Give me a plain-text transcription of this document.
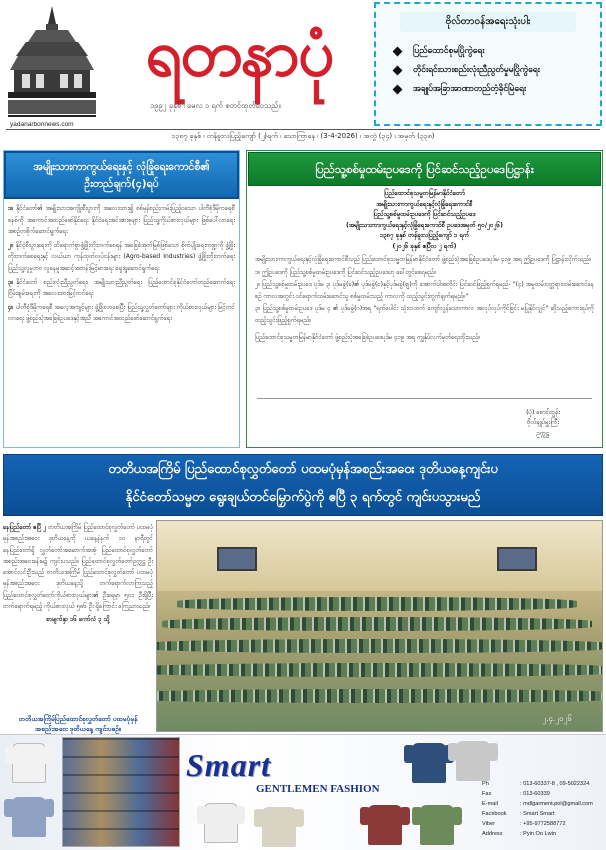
yadanarbonnews.com
ရတနာပုံ
၁၉၉၂ ခုနှစ် ၊ မေလ ၁ ရက် စတင်ထုတ်ဝေသည်။
၁၃၈၇ ခုနှစ် ၊ တန်ခူးလပြည့်ကျော် (၂)ရက် ၊ သောကြာနေ ၊ (3-4-2026) ၊ အတွဲ (၃၄) ၊ အမှတ် (၃၃၈)
ဗိုလ်တာဝန်အရေးသုံးပါး
ပြည်ထောင်စုမပြိုကွဲရေး
တိုင်းရင်းသားစည်းလုံးညီညွတ်မှုမပြိုကွဲရေး
အချုပ်အခြာအာဏာတည်တံ့ခိုင်မြဲရေး
အမျိုးသားကာကွယ်ရေးနှင့် လုံခြုံရေးကောင်စီ၏
ဦးတည်ချက်(၄)ရပ်

၁။ နိုင်ငံတော်၏ အမျိုးသားအကျိုးစီးပွားကို အလေးထား၍ စစ်မှန်စည်းကမ်းပြည့်ဝသော ပါတီစုံဒီမိုကရေစီစနစ်ကို အကောင်အထည်ဖော်နိုင်ရေး နိုင်ငံရေးအင်အားစုများ ပြည်သူ့ကိုယ်စားလှယ်များ ဖြစ်ပေါ်လာရေး အစဉ်တစိုက်ဆောင်ရွက်ရေး

၂။ နိုင်ငံ့စီးပွားရေးကို ထိရောက်စွာဖွံ့ဖြိုးတိုးတက်စေရန် အခြေခံအုတ်မြစ်ဖြစ်သော စိုက်ပျိုးရေးကဏ္ဍကို ဖွံ့ဖြိုးတိုးတက်စေရေးနှင့် လယ်ယာ ကုန်ထုတ်လုပ်ငန်းများ (Agro-based Industries) ဖွံ့ဖြိုးတိုးတက်ရေး ပြည်သူ့လူမှုဘဝ လူနေမှုအဆင့်အတန်းမြင့်မားရေး ရှေးရှုဆောင်ရွက်ရေး

၃။ နိုင်ငံတော် စည်းလုံးညီညွတ်ရေး၊ အမျိုးသားညီညွတ်ရေး ပြည်ထောင်စုနိုင်ငံတော်တည်ဆောက်ရေး ငြိမ်းချမ်းရေးကို အလေးထားမြင့်တင်ရေး

၄။ ပါတီစုံဒီမိုကရေစီ အလေ့အကျင့်များ ဖွံ့ဖြိုးလာစေပြီး ပြည်သူ့လွှတ်တော်များ ကိုယ်စားလှယ်များ မြင့်တင်လာရေး ဖွဲ့စည်းပုံအခြေခံဥပဒေနှင့်အညီ အကောင်အထည်ဖော်ဆောင်ရွက်ရေး

ပြည်သူ့စစ်မှုထမ်းဥပဒေကို ပြင်ဆင်သည့်ဥပဒေပြဋ္ဌာန်း
ပြည်ထောင်စုသမ္မတမြန်မာနိုင်ငံတော်
အမျိုးသားကာကွယ်ရေးနှင့်လုံခြုံရေးကောင်စီ
ပြည်သူ့စစ်မှုထမ်းဥပဒေကို ပြင်ဆင်သည့်ဥပဒေ
(အမျိုးသားကာကွယ်ရေးနှင့်လုံခြုံရေးကောင်စီ ဥပဒေအမှတ် ၅၀/၂၀၂၆)
၁၃၈၇ ခုနှစ် တန်ခူးလပြည့်ကျော် ၁ ရက်
(၂၀၂၆ ခုနှစ် ဧပြီလ ၂ ရက်)

အမျိုးသားကာကွယ်ရေးနှင့်လုံခြုံရေးကောင်စီသည် ပြည်ထောင်စုသမ္မတမြန်မာနိုင်ငံတော် ဖွဲ့စည်းပုံအခြေခံဥပဒေပုဒ်မ ၄၁၉ အရ ဤဥပဒေကို ပြဋ္ဌာန်းလိုက်သည်။

၁။ ဤဥပဒေကို ပြည်သူ့စစ်မှုထမ်းဥပဒေကို ပြင်ဆင်သည့်ဥပဒေဟု ခေါ်တွင်စေရမည်။

၂။ ပြည်သူ့စစ်မှုထမ်းဥပဒေ ပုဒ်မ ၃၊ ပုဒ်မခွဲ(ခ)၏ ပုဒ်မခွဲ(င)နှင့်ပုဒ်မခွဲ(ဈ)ကို အောက်ပါအတိုင်း ပြင်ဆင်ဖြည့်စွက်ရမည်- "(၄) အမှုထမ်းဝတ္တရားထမ်းဆောင်နေစဉ် ကာလအတွင်း ဝင်ရောက်ထမ်းဆောင်သူ စစ်မှုထမ်းသည့် ကာလကို ထည့်သွင်းတွက်ချက်ရမည်။"

၃။ ပြည်သူ့စစ်မှုထမ်းဥပဒေ ပုဒ်မ ၄ ၏ ပုဒ်မခွဲ(ဂ)အရ "ရက်ပေါင်း သုံးလထက် ကျော်လွန်သောကာလ အလုပ်လုပ်ကိုင်ခြင်း မပြုနိုင်လျှင်" ဆိုသည့်စကားရပ်ကို ထည့်သွင်းဖြည့်စွက်ရမည်။

ပြည်ထောင်စုသမ္မတမြန်မာနိုင်ငံတော် ဖွဲ့စည်းပုံအခြေခံဥပဒေပုဒ်မ ၄၁၉ အရ ကျွန်ုပ်လက်မှတ်ရေးထိုးသည်။

(ပုံ) စောင်ထွန်း
ဗိုလ်ချုပ်မှူးကြီး
ဥက္ကဋ္ဌ
တတိယအကြိမ် ပြည်ထောင်စုလွှတ်တော် ပထမပုံမှန်အစည်းအဝေး ဒုတိယနေ့ကျင်းပ
နိုင်ငံတော်သမ္မတ ရွေးချယ်တင်မြှောက်ပွဲကို ဧပြီ ၃ ရက်တွင် ကျင်းပသွားမည်
နေပြည်တော် ဧပြီ ၂ တတိယအကြိမ် ပြည်ထောင်စုလွှတ်တော် ပထမပုံမှန်အစည်းအဝေး ဒုတိယနေ့ကို ယနေ့နံနက် ၁၀ နာရီတွင် နေပြည်တော်ရှိ လွှတ်တော်အဆောက်အအုံ ပြည်ထောင်စုလွှတ်တော် အစည်းအဝေးခန်းမ၌ ကျင်းပသည်။ ပြည်ထောင်စုလွှတ်တော်ဥက္ကဋ္ဌ ဦးအောင်လင်းဦးသည် တတိယအကြိမ် ပြည်ထောင်စုလွှတ်တော် ပထမပုံမှန်အစည်းအဝေး ဒုတိယနေ့သို့ တက်ရောက်လာကြသည့် ပြည်ထောင်စုလွှတ်တော်ကိုယ်စားလှယ်များ၏ ဦးရေမှာ ၅၀၁ ဦးရှိပြီး တက်ရောက်ရမည့် ကိုယ်စားလှယ် ၅၈၆ ဦး ရှိကြောင်း ကြေညာသည်။
စာမျက်နှာ ၁၆ ကော်လံ ၃ သို့
၂.၄.၂၀၂၆
တတိယအကြိမ်ပြည်ထောင်စုလွှတ်တော် ပထမပုံမှန်အစည်းအဝေး ဒုတိယနေ့ ကျင်းပစဉ်။
Smart
GENTLEMEN FASHION	Ph	: 013-60337-8 , 09-5022324
Fax	: 013-60339
E-mail	: mdlgarment.pol@gmail.com
Facebook	: Smart Smart
Viber	: +95-9772588772
Address	: Pyin Oo Lwin
